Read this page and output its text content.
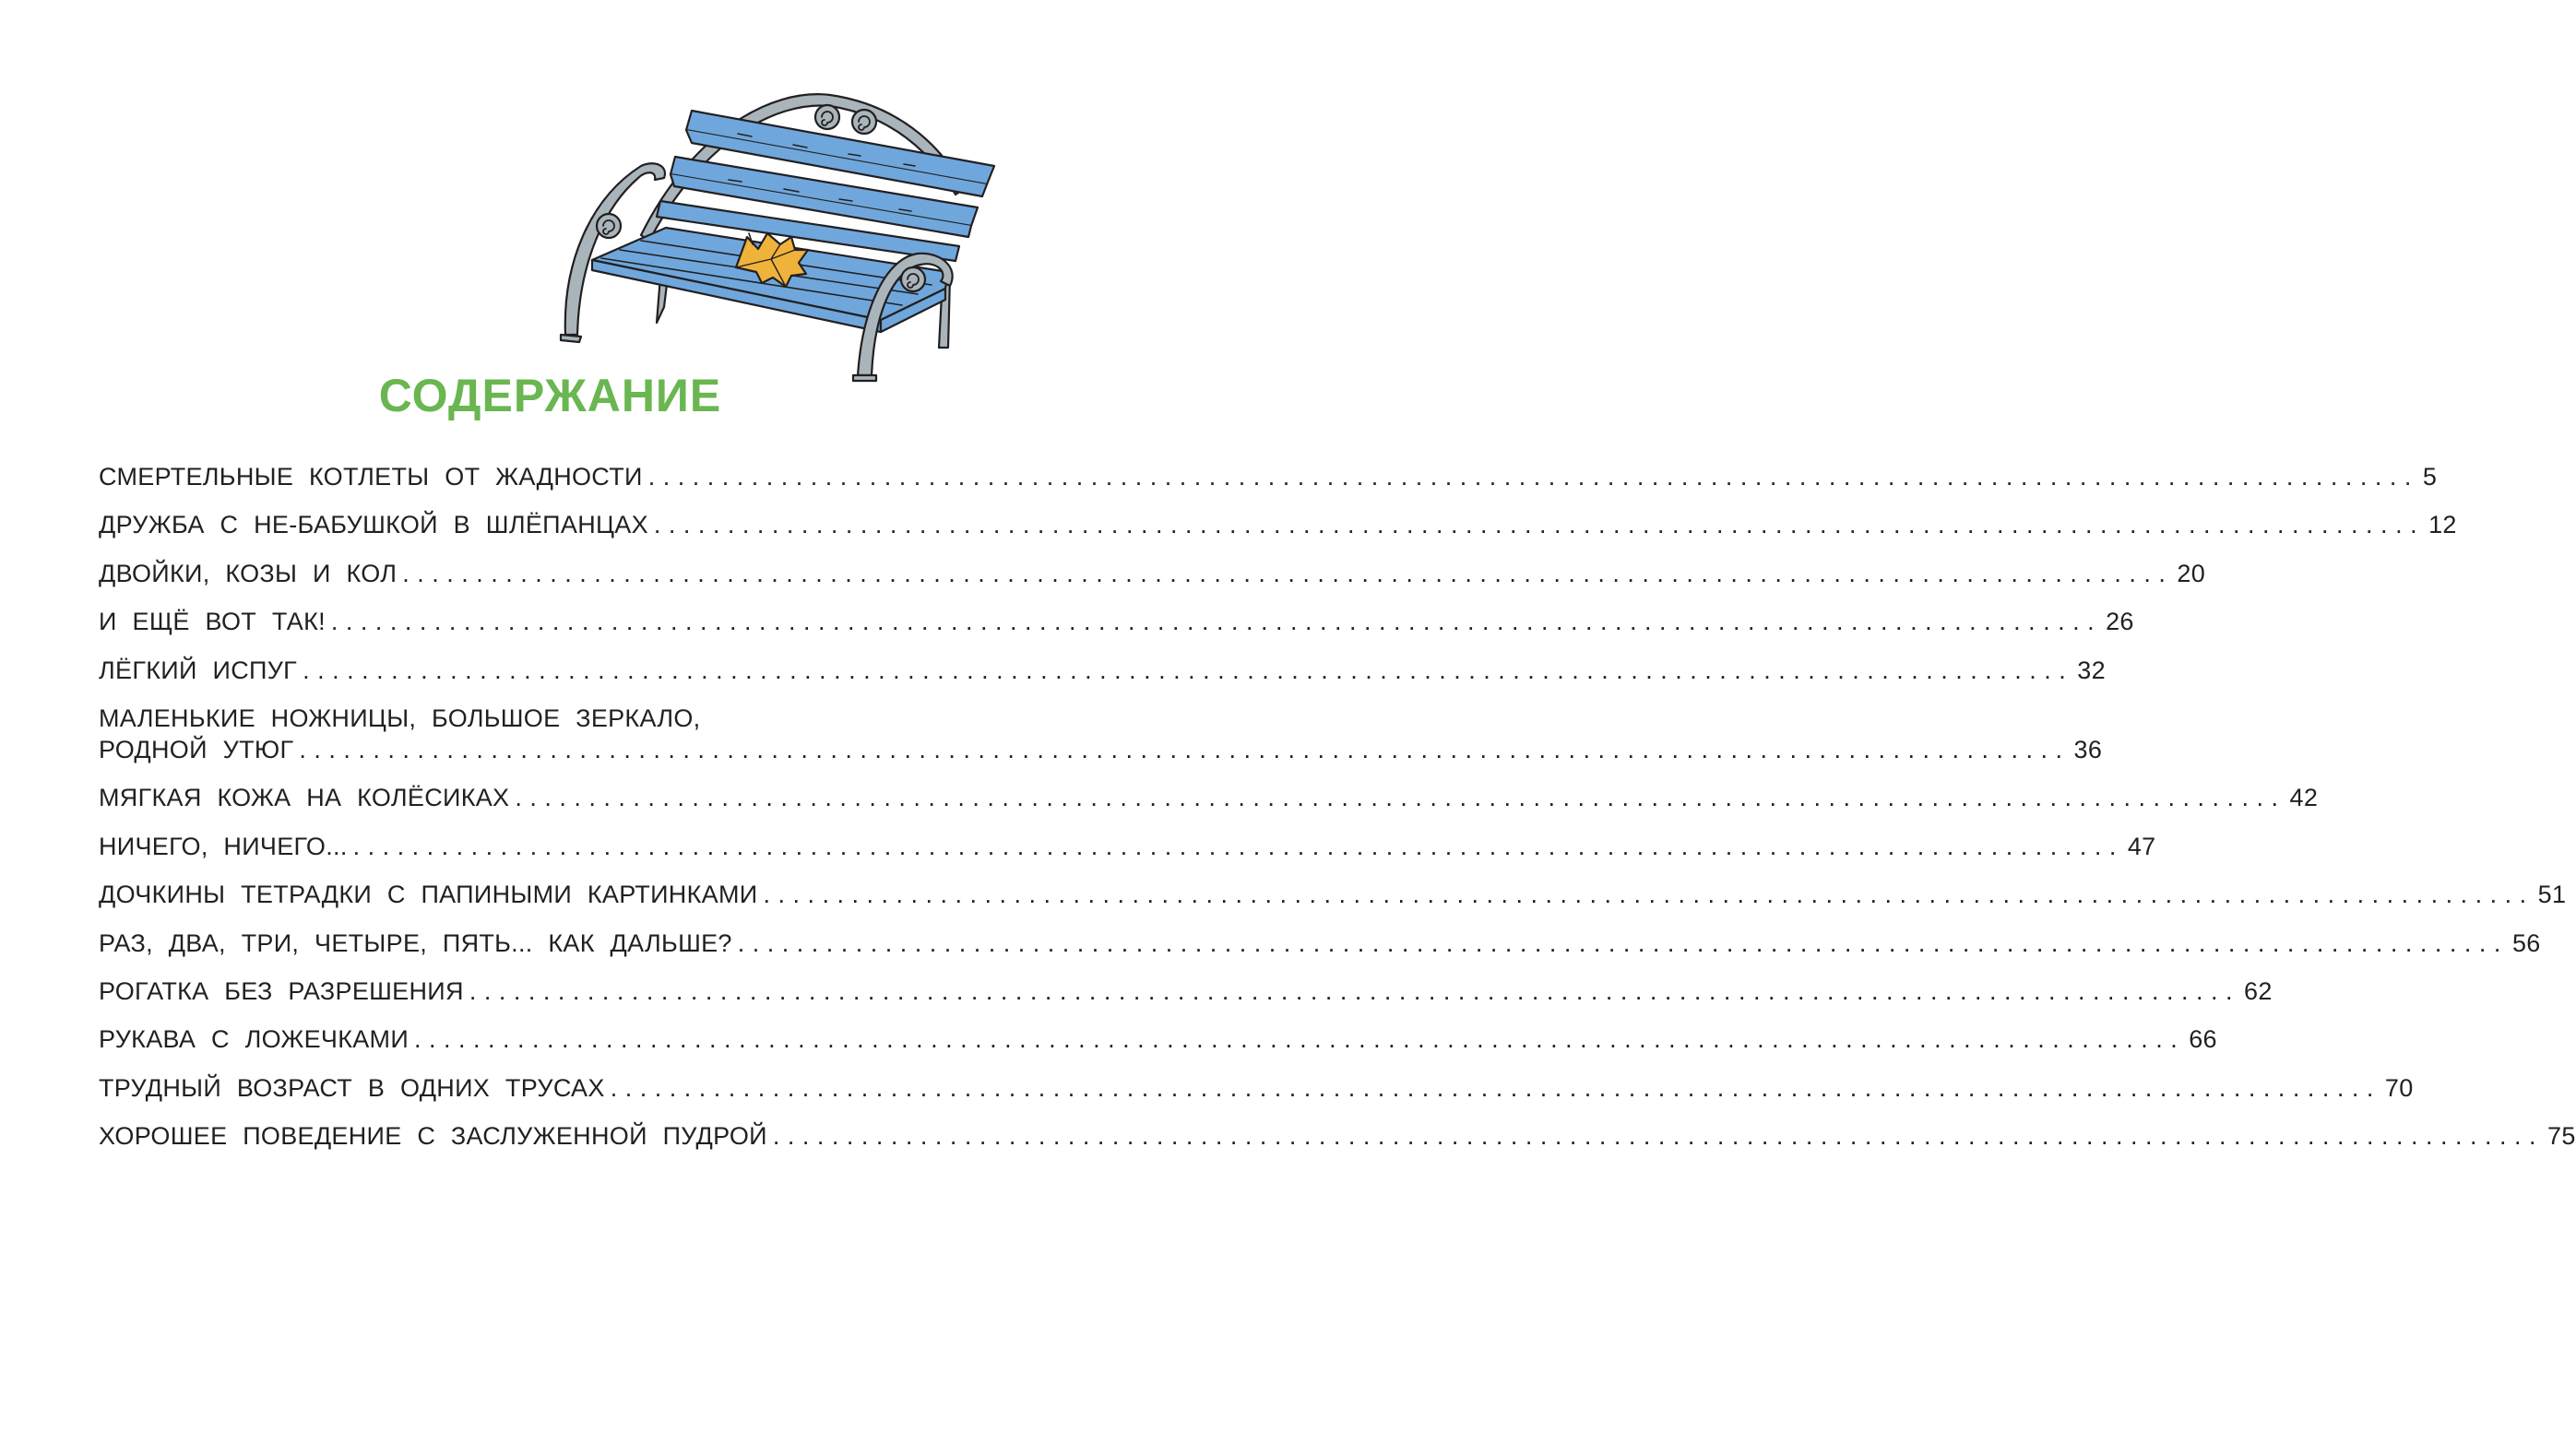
СОДЕРЖАНИЕ
СМЕРТЕЛЬНЫЕ КОТЛЕТЫ ОТ ЖАДНОСТИ ........................................................................................................................ 5
ДРУЖБА С НЕ-БАБУШКОЙ В ШЛЁПАНЦАХ ........................................................................................................................ 12
ДВОЙКИ, КОЗЫ И КОЛ ........................................................................................................................ 20
И ЕЩЁ ВОТ ТАК! ........................................................................................................................ 26
ЛЁГКИЙ ИСПУГ ........................................................................................................................ 32
МАЛЕНЬКИЕ НОЖНИЦЫ, БОЛЬШОЕ ЗЕРКАЛО,
РОДНОЙ УТЮГ ........................................................................................................................ 36
МЯГКАЯ КОЖА НА КОЛЁСИКАХ ........................................................................................................................ 42
НИЧЕГО, НИЧЕГО... ........................................................................................................................ 47
ДОЧКИНЫ ТЕТРАДКИ С ПАПИНЫМИ КАРТИНКАМИ ........................................................................................................................ 51
РАЗ, ДВА, ТРИ, ЧЕТЫРЕ, ПЯТЬ... КАК ДАЛЬШЕ? ........................................................................................................................ 56
РОГАТКА БЕЗ РАЗРЕШЕНИЯ ........................................................................................................................ 62
РУКАВА С ЛОЖЕЧКАМИ ........................................................................................................................ 66
ТРУДНЫЙ ВОЗРАСТ В ОДНИХ ТРУСАХ ........................................................................................................................ 70
ХОРОШЕЕ ПОВЕДЕНИЕ С ЗАСЛУЖЕННОЙ ПУДРОЙ ........................................................................................................................ 75
